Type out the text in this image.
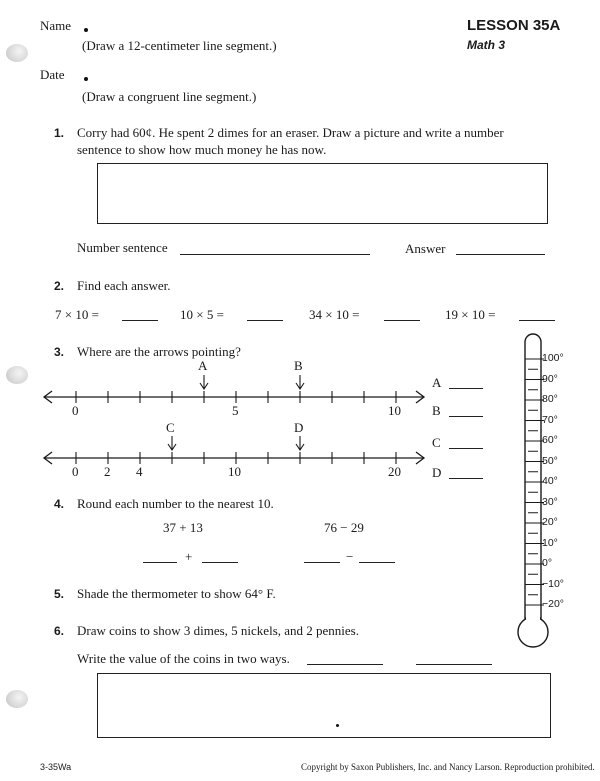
Name
(Draw a 12-centimeter line segment.)
Date
(Draw a congruent line segment.)
LESSON 35A
Math 3
1. Corry had 60¢. He spent 2 dimes for an eraser. Draw a picture and write a number
sentence to show how much money he has now.
Number sentence	Answer
2. Find each answer.
7 × 10 =	10 × 5 =	34 × 10 =	19 × 10 =
3. Where are the arrows pointing?
A	B
0	5	10
C	D
0 2 4	10	20
A
B
C
D
100°
90°
80°
70°
60°
50°
40°
30°
20°
10°
0°
−10°
−20°
4. Round each number to the nearest 10.
37 + 13	76 − 29
+	−
5. Shade the thermometer to show 64° F.
6. Draw coins to show 3 dimes, 5 nickels, and 2 pennies.
Write the value of the coins in two ways.
3-35Wa	Copyright by Saxon Publishers, Inc. and Nancy Larson. Reproduction prohibited.
